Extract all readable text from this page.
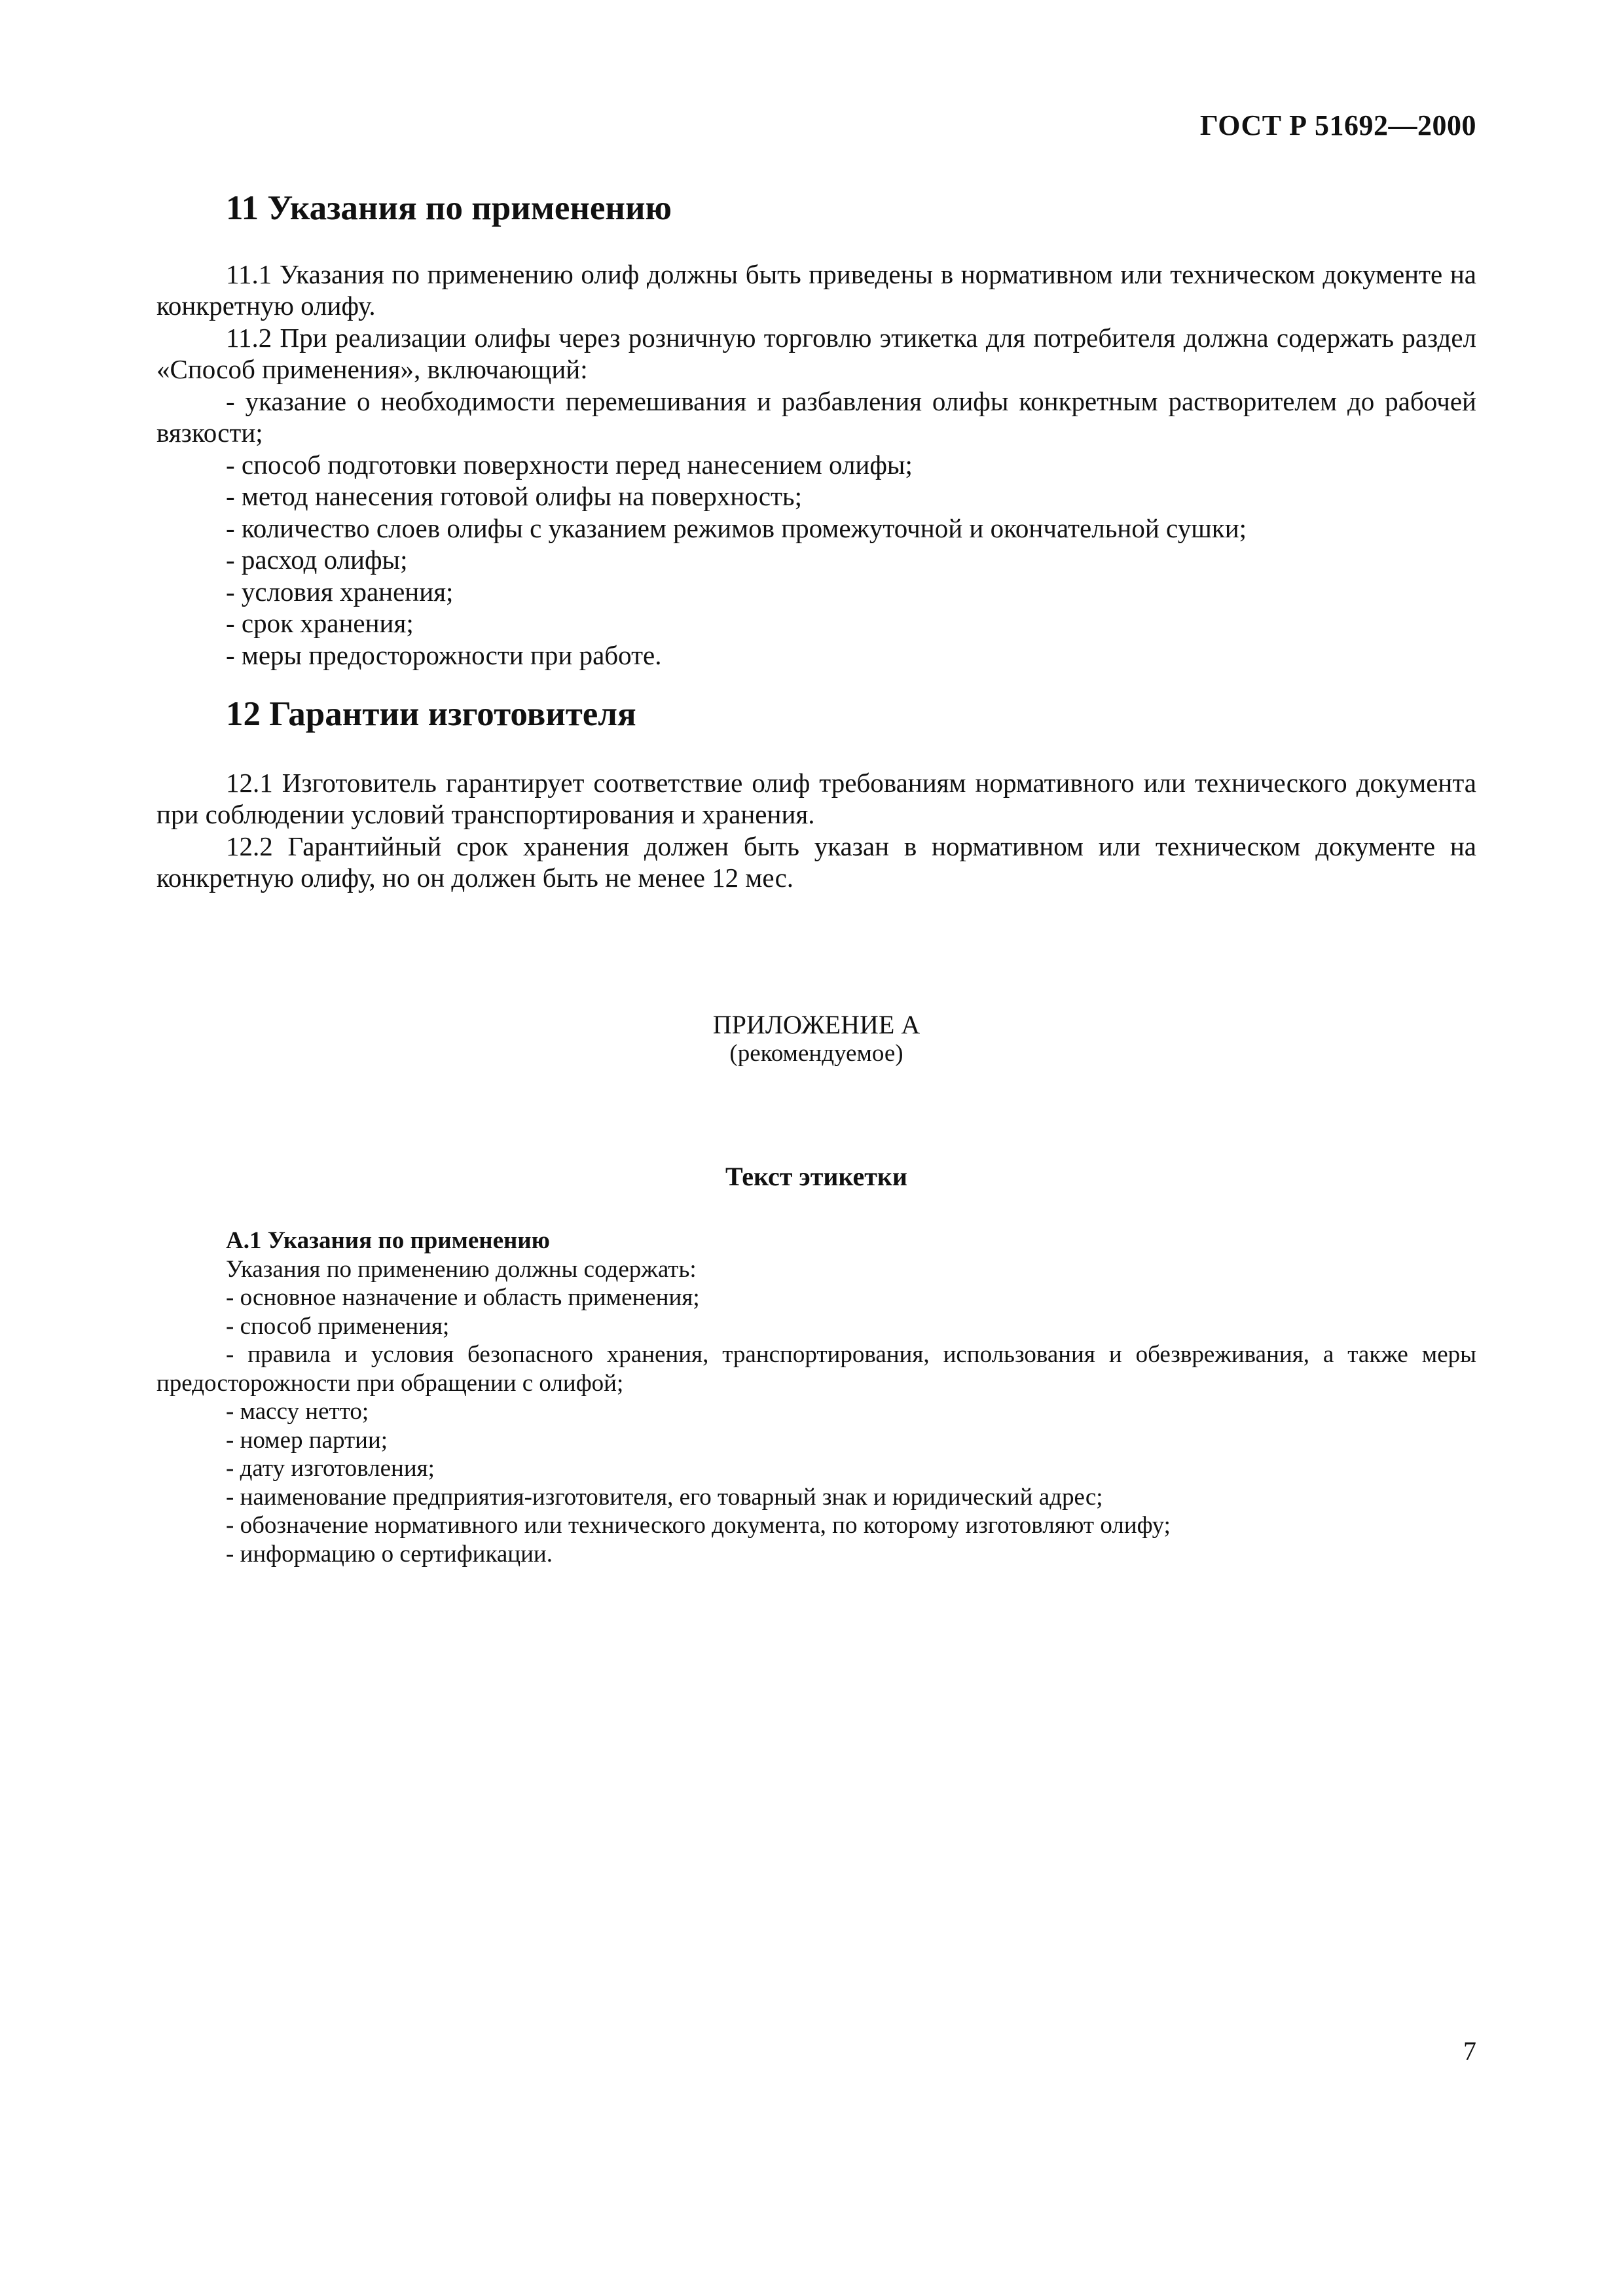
ГОСТ Р 51692—2000
11 Указания по применению

11.1 Указания по применению олиф должны быть приведены в нормативном или техническом документе на конкретную олифу.

11.2 При реализации олифы через розничную торговлю этикетка для потребителя должна содержать раздел «Способ применения», включающий:

- указание о необходимости перемешивания и разбавления олифы конкретным растворителем до рабочей вязкости;

- способ подготовки поверхности перед нанесением олифы;

- метод нанесения готовой олифы на поверхность;

- количество слоев олифы с указанием режимов промежуточной и окончательной сушки;

- расход олифы;

- условия хранения;

- срок хранения;

- меры предосторожности при работе.

12 Гарантии изготовителя

12.1 Изготовитель гарантирует соответствие олиф требованиям нормативного или технического документа при соблюдении условий транспортирования и хранения.

12.2 Гарантийный срок хранения должен быть указан в нормативном или техническом документе на конкретную олифу, но он должен быть не менее 12 мес.

ПРИЛОЖЕНИЕ А
(рекомендуемое)
Текст этикетки
А.1 Указания по применению

Указания по применению должны содержать:

- основное назначение и область применения;

- способ применения;

- правила и условия безопасного хранения, транспортирования, использования и обезвреживания, а также меры предосторожности при обращении с олифой;

- массу нетто;

- номер партии;

- дату изготовления;

- наименование предприятия-изготовителя, его товарный знак и юридический адрес;

- обозначение нормативного или технического документа, по которому изготовляют олифу;

- информацию о сертификации.

7
